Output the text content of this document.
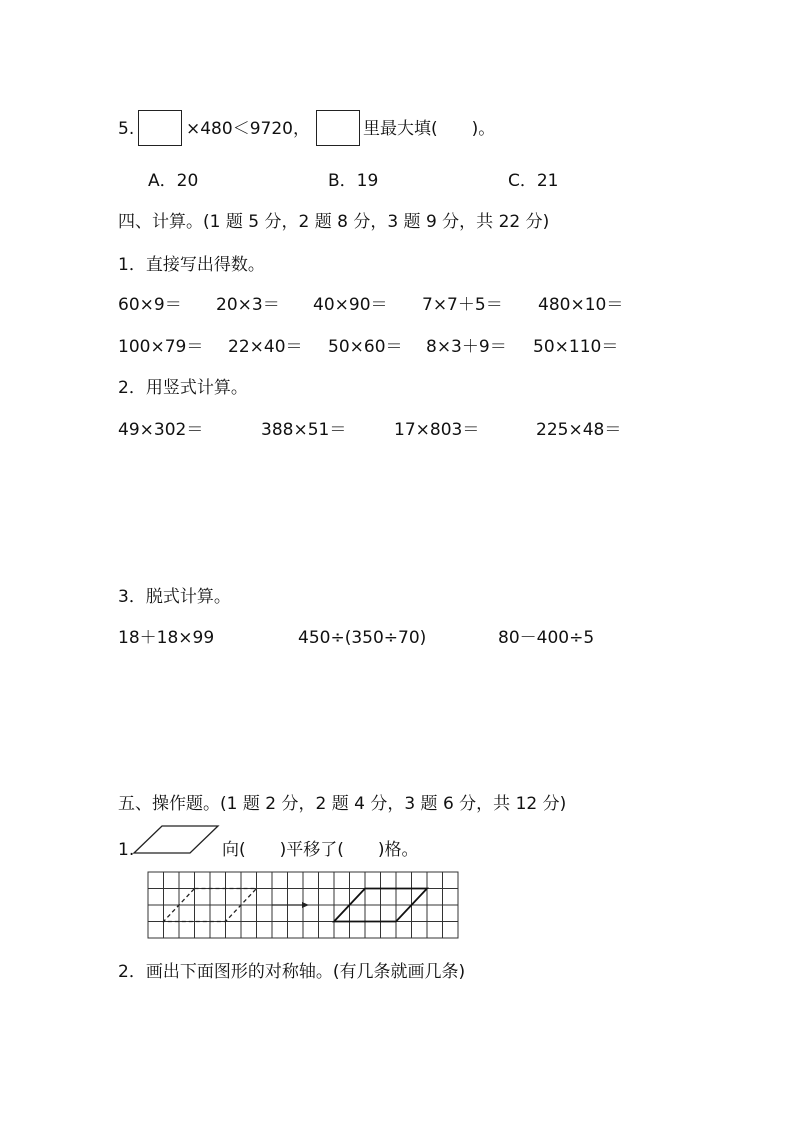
5.	×480＜9720，	里最大填(　　)。
A．20	B．19	C．21
四、计算。(1 题 5 分，2 题 8 分，3 题 9 分，共 22 分)
1．直接写出得数。
60×9＝ 20×3＝ 40×90＝ 7×7＋5＝ 480×10＝
100×79＝ 22×40＝ 50×60＝ 8×3＋9＝ 50×110＝
2．用竖式计算。
49×302＝	388×51＝	17×803＝	225×48＝
3．脱式计算。
18＋18×99	450÷(350÷70)	80－400÷5
五、操作题。(1 题 2 分，2 题 4 分，3 题 6 分，共 12 分)
1.	向(　　)平移了(　　)格。
2．画出下面图形的对称轴。(有几条就画几条)
